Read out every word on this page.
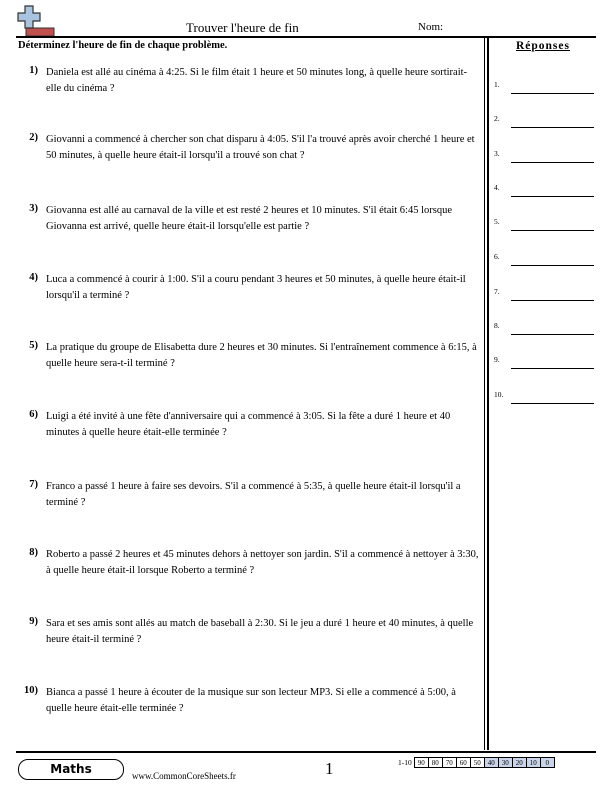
Trouver l'heure de fin	Nom:
Déterminez l'heure de fin de chaque problème.	Réponses
1.
2.
3.
4.
5.
6.
7.
8.
9.
10.
1) Daniela est allé au cinéma à 4:25. Si le film était 1 heure et 50 minutes long, à quelle heure sortirait-elle du cinéma ?
2) Giovanni a commencé à chercher son chat disparu à 4:05. S'il l'a trouvé après avoir cherché 1 heure et 50 minutes, à quelle heure était-il lorsqu'il a trouvé son chat ?
3) Giovanna est allé au carnaval de la ville et est resté 2 heures et 10 minutes. S'il était 6:45 lorsque Giovanna est arrivé, quelle heure était-il lorsqu'elle est partie ?
4) Luca a commencé à courir à 1:00. S'il a couru pendant 3 heures et 50 minutes, à quelle heure était-il lorsqu'il a terminé ?
5) La pratique du groupe de Elisabetta dure 2 heures et 30 minutes. Si l'entraînement commence à 6:15, à quelle heure sera-t-il terminé ?
6) Luigi a été invité à une fête d'anniversaire qui a commencé à 3:05. Si la fête a duré 1 heure et 40 minutes à quelle heure était-elle terminée ?
7) Franco a passé 1 heure à faire ses devoirs. S'il a commencé à 5:35, à quelle heure était-il lorsqu'il a terminé ?
8) Roberto a passé 2 heures et 45 minutes dehors à nettoyer son jardin. S'il a commencé à nettoyer à 3:30, à quelle heure était-il lorsque Roberto a terminé ?
9) Sara et ses amis sont allés au match de baseball à 2:30. Si le jeu a duré 1 heure et 40 minutes, à quelle heure était-il terminé ?
10) Bianca a passé 1 heure à écouter de la musique sur son lecteur MP3. Si elle a commencé à 5:00, à quelle heure était-elle terminée ?
Maths	www.CommonCoreSheets.fr	1	1-10 90	80	70	60	50	40	30	20	10	0
